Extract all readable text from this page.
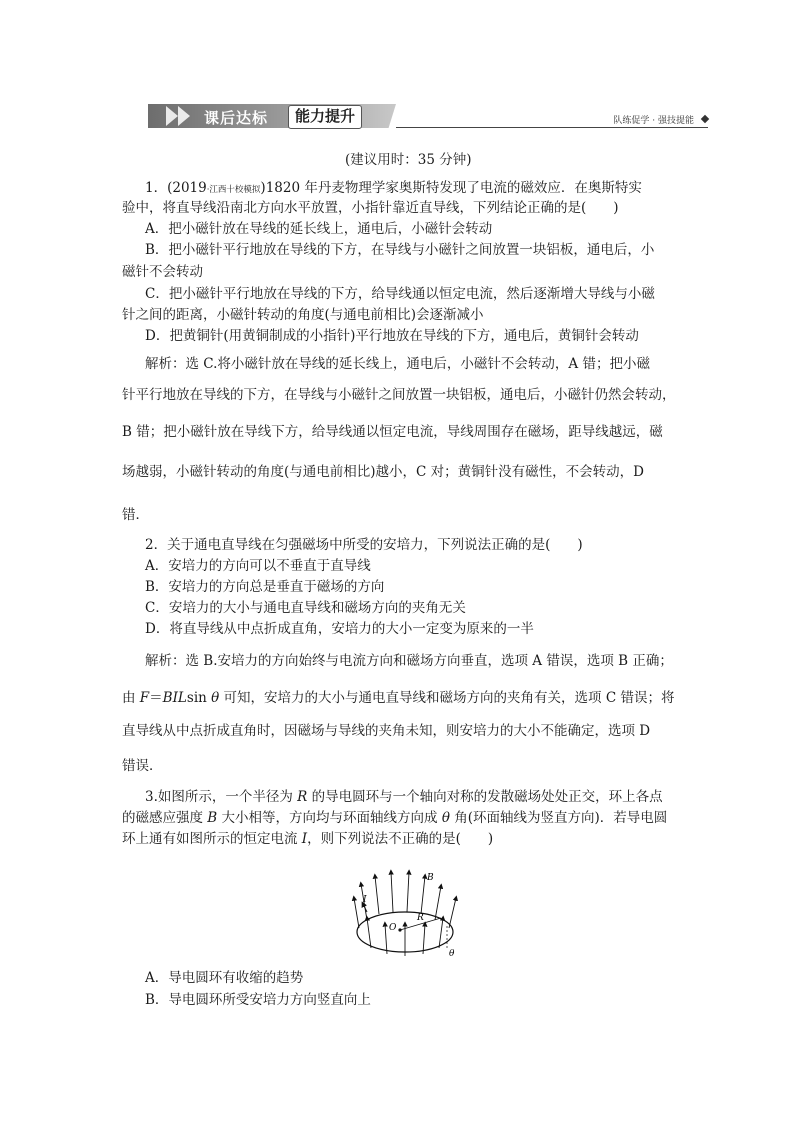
课后达标	能力提升	队练促学 · 强技提能
(建议用时：35 分钟)
1．(2019·江西十校模拟)1820 年丹麦物理学家奥斯特发现了电流的磁效应．在奥斯特实
验中，将直导线沿南北方向水平放置，小指针靠近直导线，下列结论正确的是(　　)
A．把小磁针放在导线的延长线上，通电后，小磁针会转动
B．把小磁针平行地放在导线的下方，在导线与小磁针之间放置一块铝板，通电后，小
磁针不会转动
C．把小磁针平行地放在导线的下方，给导线通以恒定电流，然后逐渐增大导线与小磁
针之间的距离，小磁针转动的角度(与通电前相比)会逐渐减小
D．把黄铜针(用黄铜制成的小指针)平行地放在导线的下方，通电后，黄铜针会转动
解析：选 C.将小磁针放在导线的延长线上，通电后，小磁针不会转动，A 错；把小磁
针平行地放在导线的下方，在导线与小磁针之间放置一块铝板，通电后，小磁针仍然会转动，
B 错；把小磁针放在导线下方，给导线通以恒定电流，导线周围存在磁场，距导线越远，磁
场越弱，小磁针转动的角度(与通电前相比)越小，C 对；黄铜针没有磁性，不会转动，D
错．
2．关于通电直导线在匀强磁场中所受的安培力，下列说法正确的是(　　)
A．安培力的方向可以不垂直于直导线
B．安培力的方向总是垂直于磁场的方向
C．安培力的大小与通电直导线和磁场方向的夹角无关
D．将直导线从中点折成直角，安培力的大小一定变为原来的一半
解析：选 B.安培力的方向始终与电流方向和磁场方向垂直，选项 A 错误，选项 B 正确；
由 F＝BILsin θ 可知，安培力的大小与通电直导线和磁场方向的夹角有关，选项 C 错误；将
直导线从中点折成直角时，因磁场与导线的夹角未知，则安培力的大小不能确定，选项 D
错误．
3.如图所示，一个半径为 R 的导电圆环与一个轴向对称的发散磁场处处正交，环上各点
的磁感应强度 B 大小相等，方向均与环面轴线方向成 θ 角(环面轴线为竖直方向)．若导电圆
环上通有如图所示的恒定电流 I，则下列说法不正确的是(　　)
B
I
O
R
θ
A．导电圆环有收缩的趋势
B．导电圆环所受安培力方向竖直向上
